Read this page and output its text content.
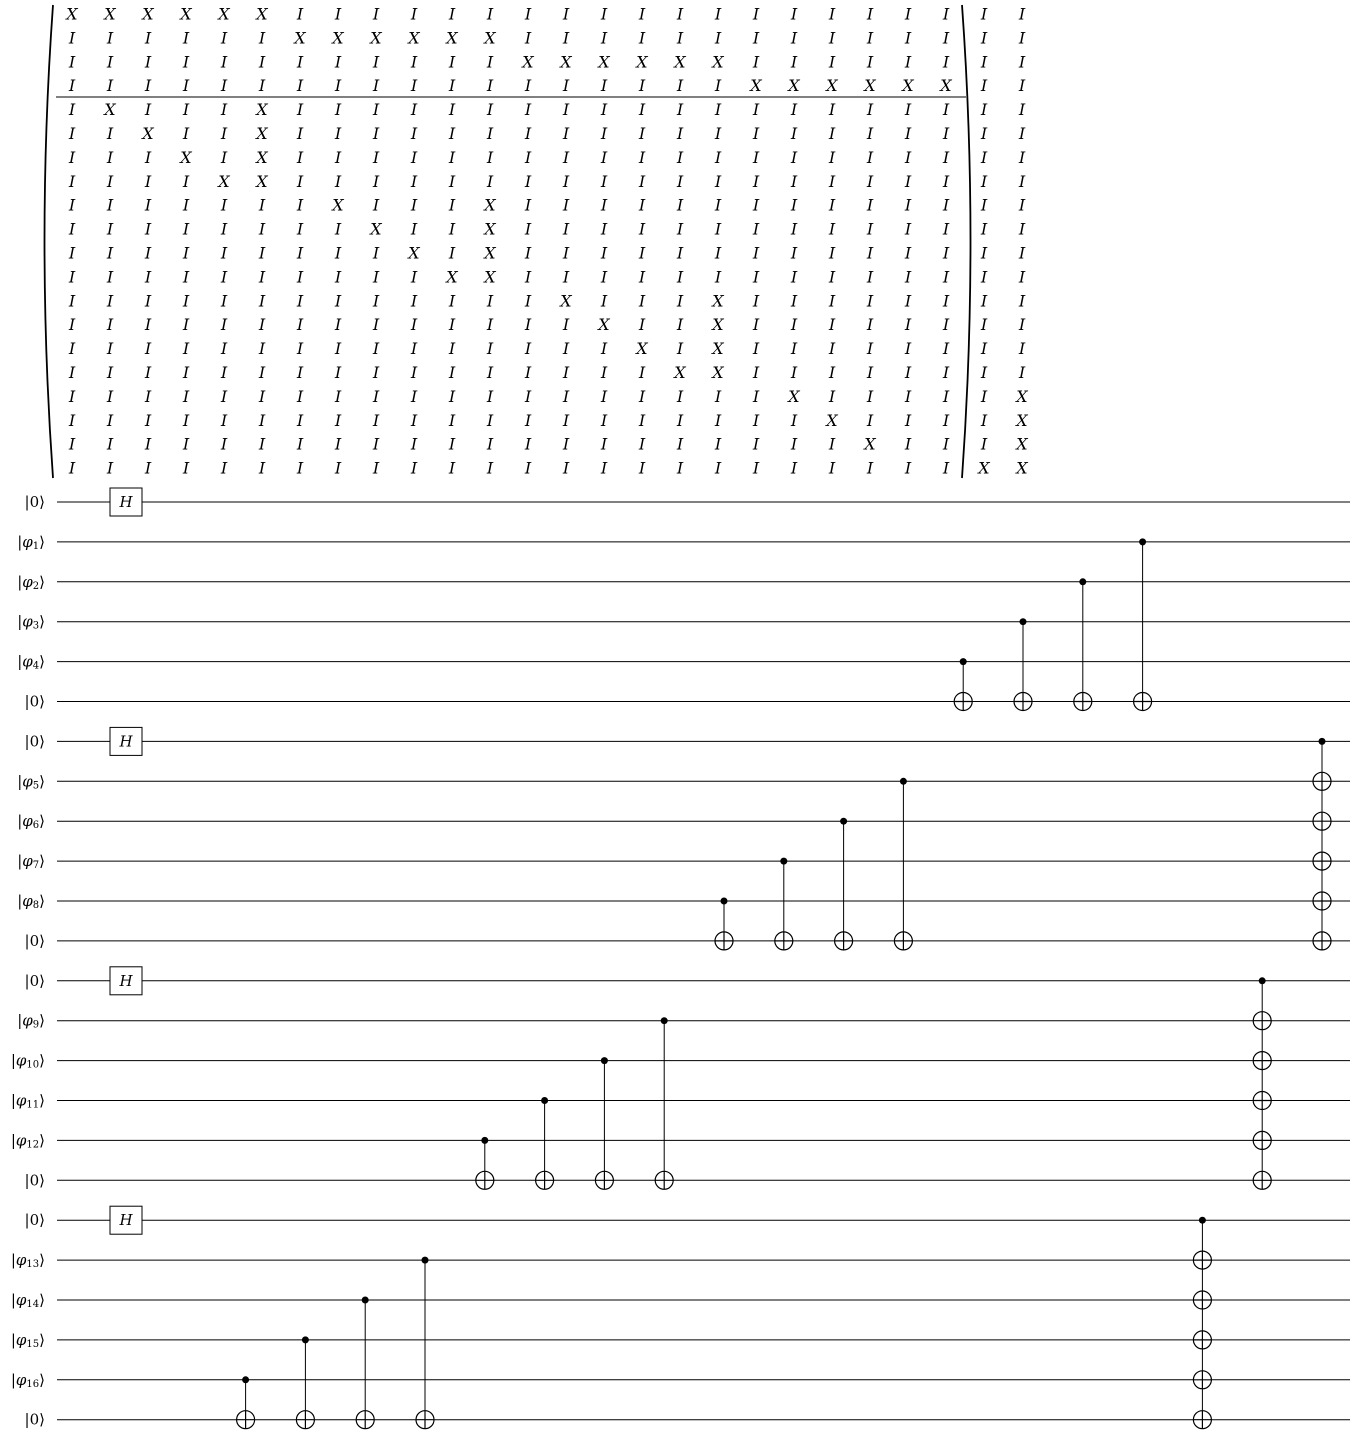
X X X X X X I I I I I I I I I I I I I I I I I I I I
I I I I I I X X X X X X I I I I I I I I I I I I I I
I I I I I I I I I I I I X X X X X X I I I I I I I I
I I I I I I I I I I I I I I I I I I X X X X X X I I
I X I I I X I I I I I I I I I I I I I I I I I I I I
I I X I I X I I I I I I I I I I I I I I I I I I I I
I I I X I X I I I I I I I I I I I I I I I I I I I I
I I I I X X I I I I I I I I I I I I I I I I I I I I
I I I I I I I X I I I X I I I I I I I I I I I I I I
I I I I I I I I X I I X I I I I I I I I I I I I I I
I I I I I I I I I X I X I I I I I I I I I I I I I I
I I I I I I I I I I X X I I I I I I I I I I I I I I
I I I I I I I I I I I I I X I I I X I I I I I I I I
I I I I I I I I I I I I I I X I I X I I I I I I I I
I I I I I I I I I I I I I I I X I X I I I I I I I I
I I I I I I I I I I I I I I I I X X I I I I I I I I
I I I I I I I I I I I I I I I I I I I X I I I I I X
I I I I I I I I I I I I I I I I I I I I X I I I I X
I I I I I I I I I I I I I I I I I I I I I X I I I X
I I I I I I I I I I I I I I I I I I I I I I I I X X
|0⟩
$|\varphi_1⟩$
$|\varphi_2⟩$
$|\varphi_3⟩$
$|\varphi_4⟩$
|0⟩
|0⟩
$|\varphi_5⟩$
$|\varphi_6⟩$
$|\varphi_7⟩$
$|\varphi_8⟩$
|0⟩
|0⟩
$|\varphi_9⟩$
$|\varphi_{10}⟩$
$|\varphi_{11}⟩$
$|\varphi_{12}⟩$
|0⟩
|0⟩
$|\varphi_{13}⟩$
$|\varphi_{14}⟩$
$|\varphi_{15}⟩$
$|\varphi_{16}⟩$
|0⟩
H
H
H
H
